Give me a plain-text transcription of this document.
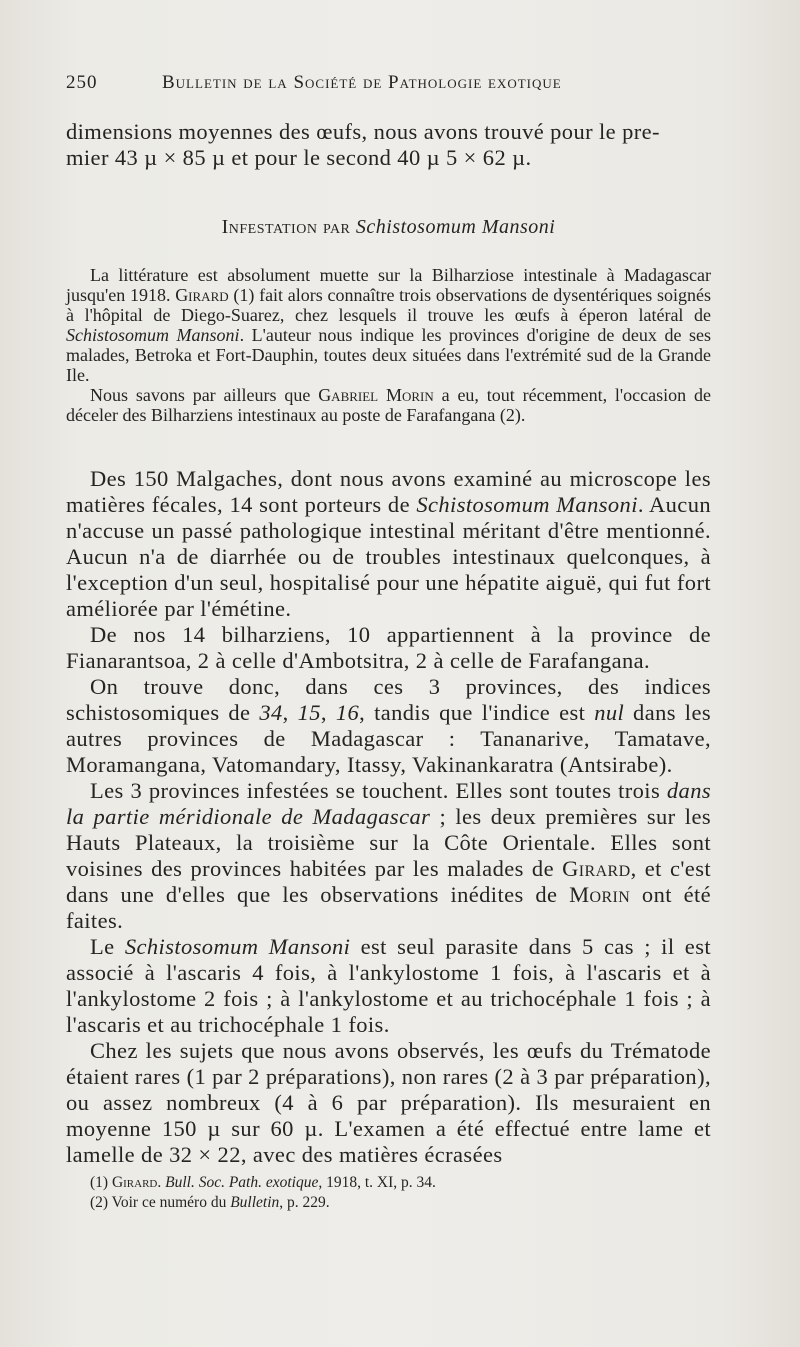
250	Bulletin de la Société de Pathologie exotique

dimensions moyennes des œufs, nous avons trouvé pour le pre-
mier 43 µ × 85 µ et pour le second 40 µ 5 × 62 µ.

Infestation par Schistosomum Mansoni

La littérature est absolument muette sur la Bilharziose intestinale à Madagascar jusqu'en 1918. Girard (1) fait alors connaître trois observations de dysentériques soignés à l'hôpital de Diego-Suarez, chez lesquels il trouve les œufs à éperon latéral de Schistosomum Mansoni. L'auteur nous indique les provinces d'origine de deux de ses malades, Betroka et Fort-Dauphin, toutes deux situées dans l'extrémité sud de la Grande Ile.

Nous savons par ailleurs que Gabriel Morin a eu, tout récemment, l'occasion de déceler des Bilharziens intestinaux au poste de Farafangana (2).

Des 150 Malgaches, dont nous avons examiné au microscope les matières fécales, 14 sont porteurs de Schistosomum Mansoni. Aucun n'accuse un passé pathologique intestinal méritant d'être mentionné. Aucun n'a de diarrhée ou de troubles intestinaux quelconques, à l'exception d'un seul, hospitalisé pour une hépatite aiguë, qui fut fort améliorée par l'émétine.

De nos 14 bilharziens, 10 appartiennent à la province de Fianarantsoa, 2 à celle d'Ambotsitra, 2 à celle de Farafangana.

On trouve donc, dans ces 3 provinces, des indices schistosomiques de 34, 15, 16, tandis que l'indice est nul dans les autres provinces de Madagascar : Tananarive, Tamatave, Moramangana, Vatomandary, Itassy, Vakinankaratra (Antsirabe).

Les 3 provinces infestées se touchent. Elles sont toutes trois dans la partie méridionale de Madagascar ; les deux premières sur les Hauts Plateaux, la troisième sur la Côte Orientale. Elles sont voisines des provinces habitées par les malades de Girard, et c'est dans une d'elles que les observations inédites de Morin ont été faites.

Le Schistosomum Mansoni est seul parasite dans 5 cas ; il est associé à l'ascaris 4 fois, à l'ankylostome 1 fois, à l'ascaris et à l'ankylostome 2 fois ; à l'ankylostome et au trichocéphale 1 fois ; à l'ascaris et au trichocéphale 1 fois.

Chez les sujets que nous avons observés, les œufs du Trématode étaient rares (1 par 2 préparations), non rares (2 à 3 par préparation), ou assez nombreux (4 à 6 par préparation). Ils mesuraient en moyenne 150 µ sur 60 µ. L'examen a été effectué entre lame et lamelle de 32 × 22, avec des matières écrasées

(1) Girard. Bull. Soc. Path. exotique, 1918, t. XI, p. 34.

(2) Voir ce numéro du Bulletin, p. 229.
